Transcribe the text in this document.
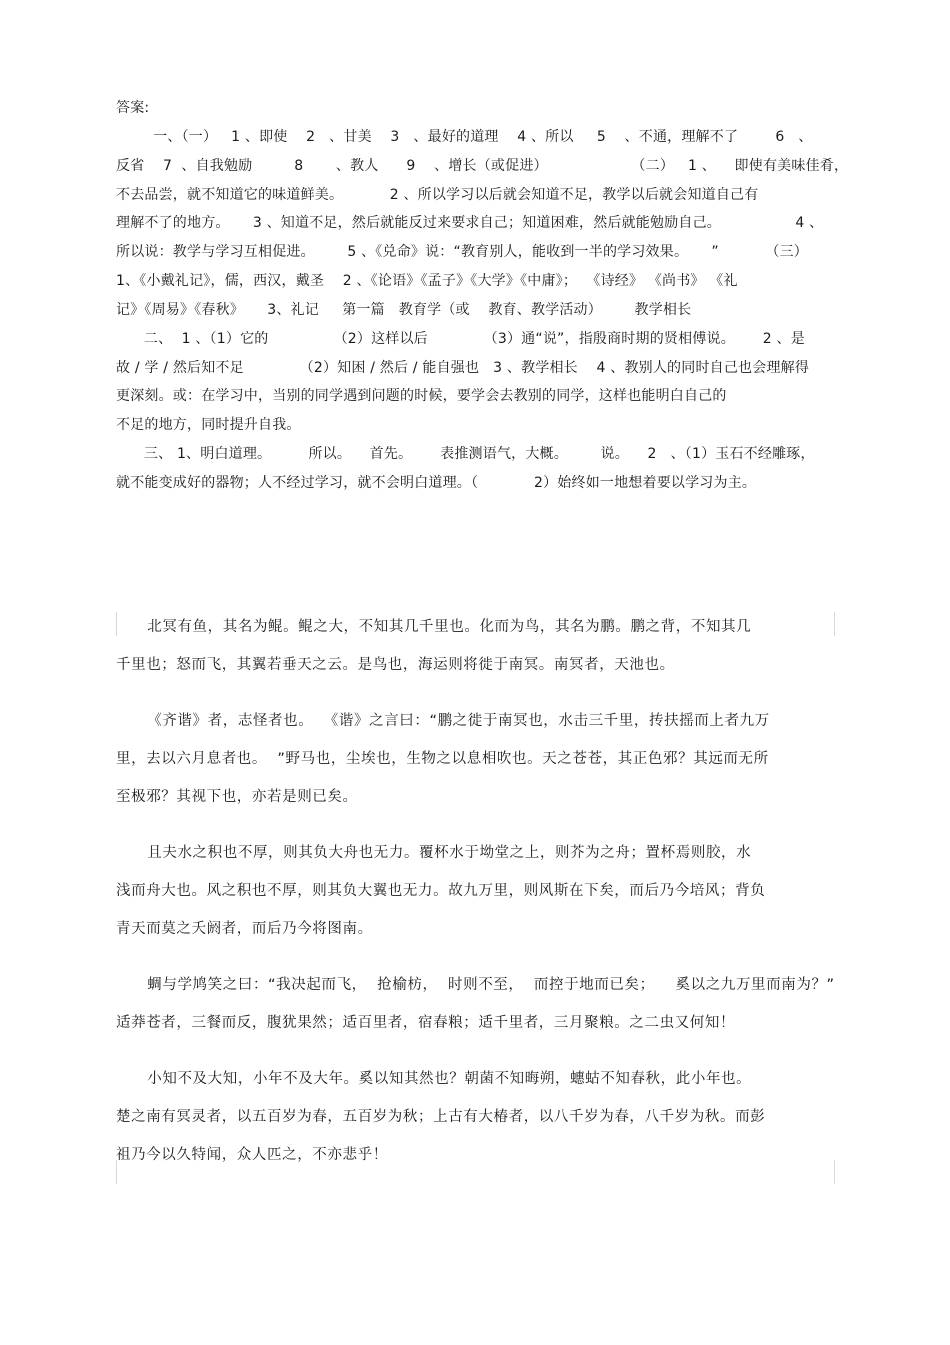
答案:
一、（一）   1 、即使    2   、甘美    3   、最好的道理    4 、所以     5    、不通，理解不了        6   、
反省    7  、自我勉励         8       、教人      9    、增长（或促进）                  （二）   1 、    即使有美味佳肴，
不去品尝，就不知道它的味道鲜美。          2 、所以学习以后就会知道不足，教学以后就会知道自己有
理解不了的地方。     3 、知道不足，然后就能反过来要求自己；知道困难，然后就能勉励自己。                4 、
所以说：教学与学习互相促进。       5 、《兑命》说：“教育别人，能收到一半的学习效果。     ”          （三）
1、《小戴礼记》，儒，西汉，戴圣    2 、《论语》《孟子》《大学》《中庸》；  《诗经》 《尚书》 《礼
记》《周易》《春秋》     3、礼记     第一篇   教育学（或    教育、教学活动）       教学相长
二、  1 、（1）它的              （2）这样以后            （3）通“说”，指殷商时期的贤相傅说。      2 、是
故 / 学 / 然后知不足            （2）知困 / 然后 / 能自强也   3 、教学相长    4 、教别人的同时自己也会理解得
更深刻。或：在学习中，当别的同学遇到问题的时候，要学会去教别的同学，这样也能明白自己的
不足的地方，同时提升自我。
三、 1、明白道理。        所以。    首先。      表推测语气，大概。       说。    2   、（1）玉石不经雕琢，
就不能变成好的器物；人不经过学习，就不会明白道理。（            2）始终如一地想着要以学习为主。
北冥有鱼，其名为鲲。鲲之大，不知其几千里也。化而为鸟，其名为鹏。鹏之背，不知其几
千里也；怒而飞，其翼若垂天之云。是鸟也，海运则将徙于南冥。南冥者，天池也。
《齐谐》者，志怪者也。  《谐》之言曰：“鹏之徙于南冥也，水击三千里，抟扶摇而上者九万
里，去以六月息者也。  ”野马也，尘埃也，生物之以息相吹也。天之苍苍，其正色邪？其远而无所
至极邪？其视下也，亦若是则已矣。
且夫水之积也不厚，则其负大舟也无力。覆杯水于坳堂之上，则芥为之舟；置杯焉则胶，水
浅而舟大也。风之积也不厚，则其负大翼也无力。故九万里，则风斯在下矣，而后乃今培风；背负
青天而莫之夭阏者，而后乃今将图南。
蜩与学鸠笑之曰：“我决起而飞，  抢榆枋，  时则不至，  而控于地而已矣；    奚以之九万里而南为？”
适莽苍者，三餐而反，腹犹果然；适百里者，宿春粮；适千里者，三月聚粮。之二虫又何知！
小知不及大知，小年不及大年。奚以知其然也？朝菌不知晦朔，蟪蛄不知春秋，此小年也。
楚之南有冥灵者，以五百岁为春，五百岁为秋；上古有大椿者，以八千岁为春，八千岁为秋。而彭
祖乃今以久特闻，众人匹之，不亦悲乎！
